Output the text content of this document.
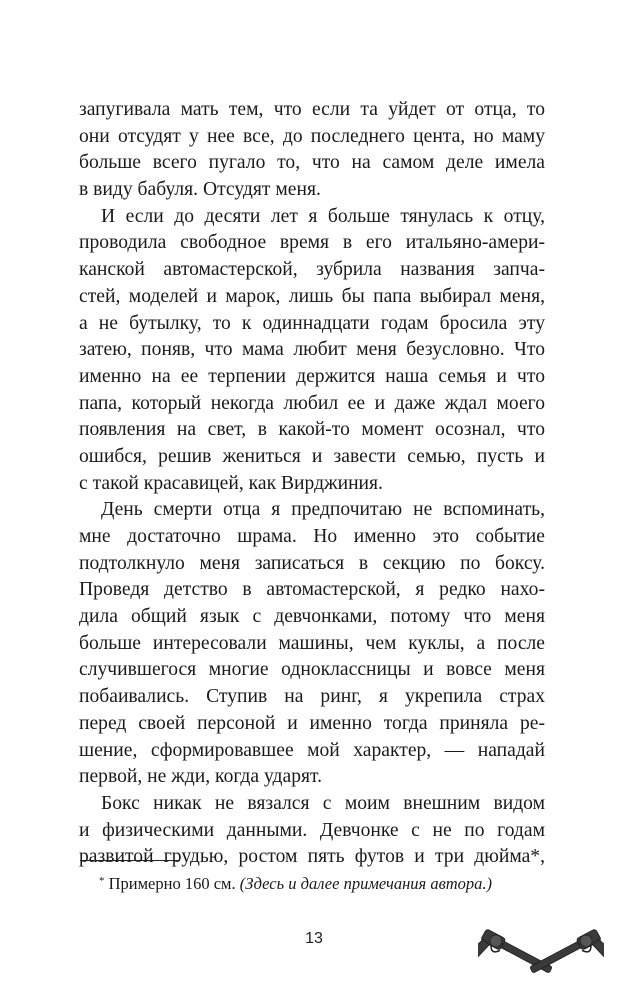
запугивала мать тем, что если та уйдет от отца, то
они отсудят у нее все, до последнего цента, но маму
больше всего пугало то, что на самом деле имела
в виду бабуля. Отсудят меня.
И если до десяти лет я больше тянулась к отцу,
проводила свободное время в его итальяно-амери-
канской автомастерской, зубрила названия запча-
стей, моделей и марок, лишь бы папа выбирал меня,
а не бутылку, то к одиннадцати годам бросила эту
затею, поняв, что мама любит меня безусловно. Что
именно на ее терпении держится наша семья и что
папа, который некогда любил ее и даже ждал моего
появления на свет, в какой-то момент осознал, что
ошибся, решив жениться и завести семью, пусть и
с такой красавицей, как Вирджиния.
День смерти отца я предпочитаю не вспоминать,
мне достаточно шрама. Но именно это событие
подтолкнуло меня записаться в секцию по боксу.
Проведя детство в автомастерской, я редко нахо-
дила общий язык с девчонками, потому что меня
больше интересовали машины, чем куклы, а после
случившегося многие одноклассницы и вовсе меня
побаивались. Ступив на ринг, я укрепила страх
перед своей персоной и именно тогда приняла ре-
шение, сформировавшее мой характер, — нападай
первой, не жди, когда ударят.
Бокс никак не вязался с моим внешним видом
и физическими данными. Девчонке с не по годам
развитой грудью, ростом пять футов и три дюйма*,
* Примерно 160 см. (Здесь и далее примечания автора.)
13
